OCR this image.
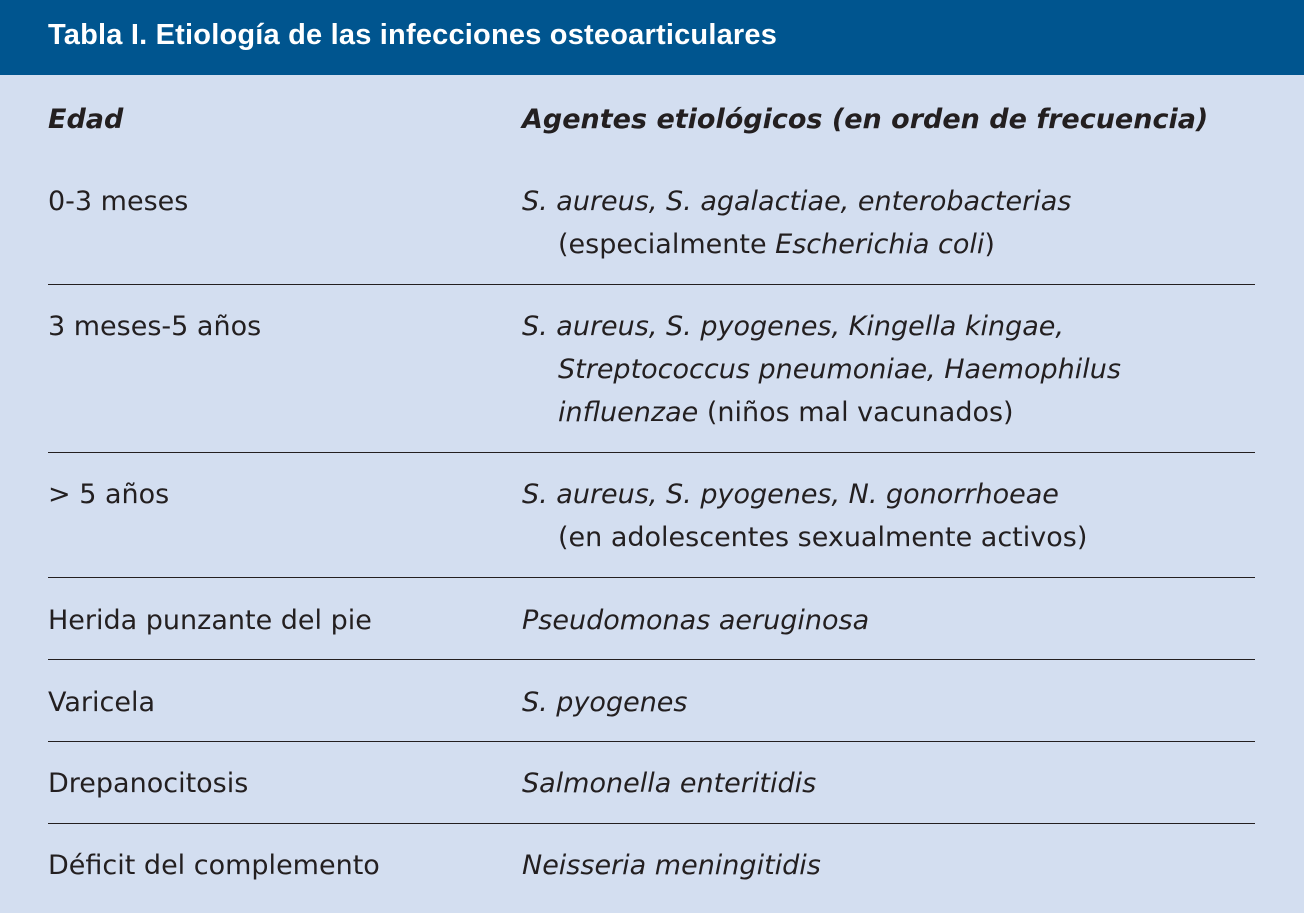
Tabla I. Etiología de las infecciones osteoarticulares
Edad	Agentes etiológicos (en orden de frecuencia)
0-3 meses	S. aureus, S. agalactiae, enterobacterias
(especialmente Escherichia coli)
3 meses-5 años	S. aureus, S. pyogenes, Kingella kingae,
Streptococcus pneumoniae, Haemophilus
influenzae (niños mal vacunados)
> 5 años	S. aureus, S. pyogenes, N. gonorrhoeae
(en adolescentes sexualmente activos)
Herida punzante del pie	Pseudomonas aeruginosa
Varicela	S. pyogenes
Drepanocitosis	Salmonella enteritidis
Déficit del complemento	Neisseria meningitidis
